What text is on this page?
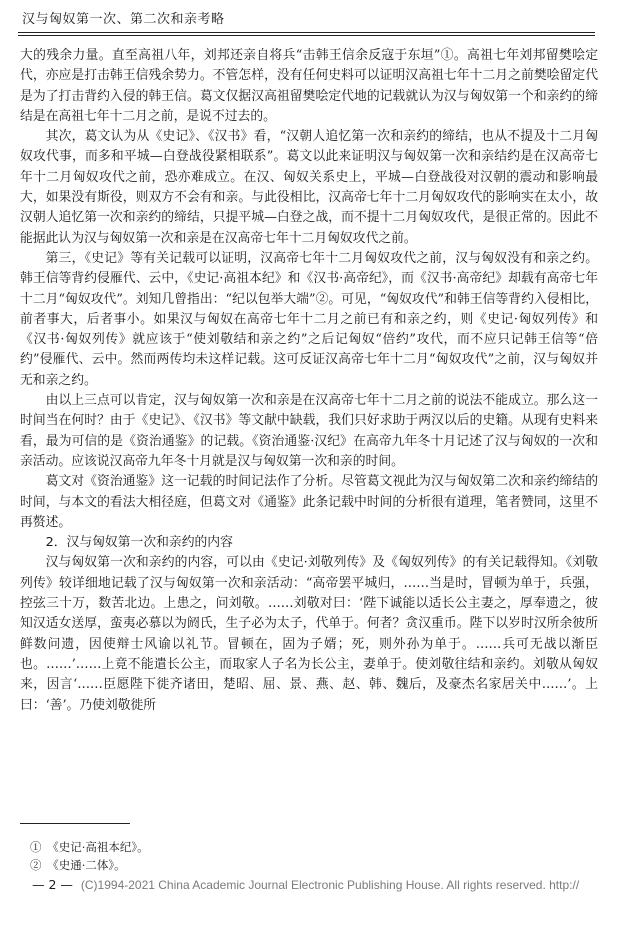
汉与匈奴第一次、第二次和亲考略

大的残余力量。直至高祖八年，刘邦还亲自将兵“击韩王信余反寇于东垣”①。高祖七年刘邦留樊哙定代，亦应是打击韩王信残余势力。不管怎样，没有任何史料可以证明汉高祖七年十二月之前樊哙留定代是为了打击背约入侵的韩王信。葛文仅据汉高祖留樊哙定代地的记载就认为汉与匈奴第一个和亲约的缔结是在高祖七年十二月之前，是说不过去的。

其次，葛文认为从《史记》、《汉书》看，“汉朝人追忆第一次和亲约的缔结，也从不提及十二月匈奴攻代事，而多和平城—白登战役紧相联系”。葛文以此来证明汉与匈奴第一次和亲结约是在汉高帝七年十二月匈奴攻代之前，恐亦难成立。在汉、匈奴关系史上，平城—白登战役对汉朝的震动和影响最大，如果没有斯役，则双方不会有和亲。与此役相比，汉高帝七年十二月匈奴攻代的影响实在太小，故汉朝人追忆第一次和亲约的缔结，只提平城—白登之战，而不提十二月匈奴攻代，是很正常的。因此不能据此认为汉与匈奴第一次和亲是在汉高帝七年十二月匈奴攻代之前。

第三，《史记》等有关记载可以证明，汉高帝七年十二月匈奴攻代之前，汉与匈奴没有和亲之约。韩王信等背约侵雁代、云中，《史记·高祖本纪》和《汉书·高帝纪》，而《汉书·高帝纪》却载有高帝七年十二月“匈奴攻代”。刘知几曾指出：“纪以包举大端”②。可见，“匈奴攻代”和韩王信等背约入侵相比，前者事大，后者事小。如果汉与匈奴在高帝七年十二月之前已有和亲之约，则《史记·匈奴列传》和《汉书·匈奴列传》就应该于“使刘敬结和亲之约”之后记匈奴“倍约”攻代，而不应只记韩王信等“倍约”侵雁代、云中。然而两传均未这样记载。这可反证汉高帝七年十二月“匈奴攻代”之前，汉与匈奴并无和亲之约。

由以上三点可以肯定，汉与匈奴第一次和亲是在汉高帝七年十二月之前的说法不能成立。那么这一时间当在何时？由于《史记》、《汉书》等文献中缺载，我们只好求助于两汉以后的史籍。从现有史料来看，最为可信的是《资治通鉴》的记载。《资治通鉴·汉纪》在高帝九年冬十月记述了汉与匈奴的一次和亲活动。应该说汉高帝九年冬十月就是汉与匈奴第一次和亲的时间。

葛文对《资治通鉴》这一记载的时间记法作了分析。尽管葛文视此为汉与匈奴第二次和亲约缔结的时间，与本文的看法大相径庭，但葛文对《通鉴》此条记载中时间的分析很有道理，笔者赞同，这里不再赘述。

2．汉与匈奴第一次和亲约的内容

汉与匈奴第一次和亲约的内容，可以由《史记·刘敬列传》及《匈奴列传》的有关记载得知。《刘敬列传》较详细地记载了汉与匈奴第一次和亲活动：“高帝罢平城归，……当是时，冒顿为单于，兵强，控弦三十万，数苦北边。上患之，问刘敬。……刘敬对曰：‘陛下诚能以适长公主妻之，厚奉遗之，彼知汉适女送厚，蛮夷必慕以为阏氏，生子必为太子，代单于。何者？贪汉重币。陛下以岁时汉所余彼所鲜数问遗，因使辩士风谕以礼节。冒顿在，固为子婿；死，则外孙为单于。……兵可无战以渐臣也。……’……上竟不能遣长公主，而取家人子名为长公主，妻单于。使刘敬往结和亲约。刘敬从匈奴来，因言‘……臣愿陛下徙齐诸田，楚昭、屈、景、燕、赵、韩、魏后，及豪杰名家居关中……’。上曰：‘善’。乃使刘敬徙所

①　《史记·高祖本纪》。
②　《史通·二体》。
— 2 — (C)1994-2021 China Academic Journal Electronic Publishing House. All rights reserved. http://
